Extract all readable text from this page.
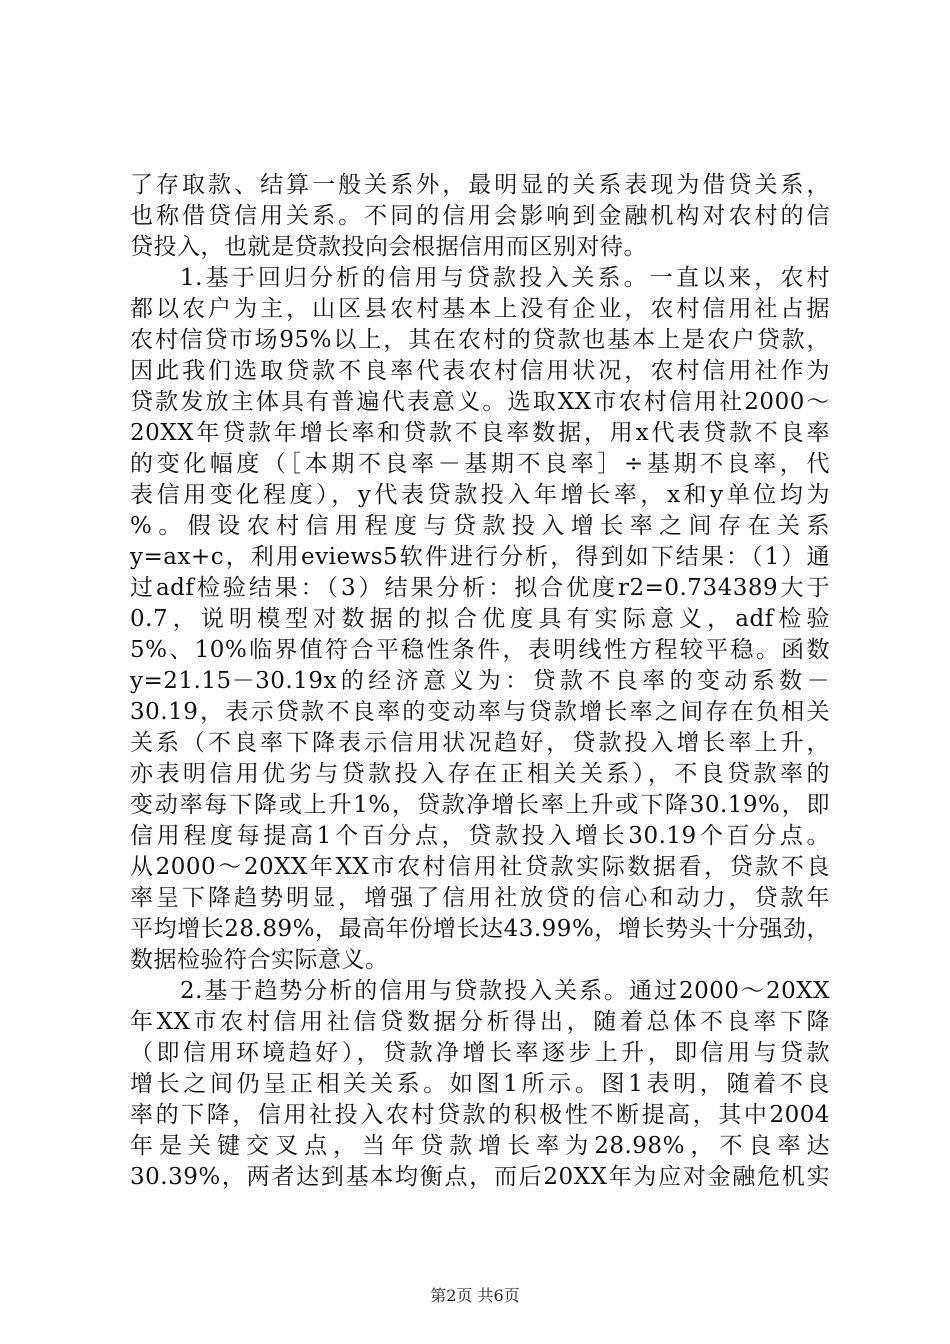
了存取款、结算一般关系外，最明显的关系表现为借贷关系，
也称借贷信用关系。不同的信用会影响到金融机构对农村的信
贷投入，也就是贷款投向会根据信用而区别对待。
1.基于回归分析的信用与贷款投入关系。一直以来，农村
都以农户为主，山区县农村基本上没有企业，农村信用社占据
农村信贷市场95%以上，其在农村的贷款也基本上是农户贷款，
因此我们选取贷款不良率代表农村信用状况，农村信用社作为
贷款发放主体具有普遍代表意义。选取XX市农村信用社2000～
20XX年贷款年增长率和贷款不良率数据，用x代表贷款不良率
的变化幅度（［本期不良率－基期不良率］÷基期不良率，代
表信用变化程度），y代表贷款投入年增长率，x和y单位均为
%。假设农村信用程度与贷款投入增长率之间存在关系
y=ax+c，利用eviews5软件进行分析，得到如下结果：（1）通
过adf检验结果：（3）结果分析：拟合优度r2=0.734389大于
0.7，说明模型对数据的拟合优度具有实际意义，adf检验
5%、10%临界值符合平稳性条件，表明线性方程较平稳。函数
y=21.15－30.19x的经济意义为：贷款不良率的变动系数－
30.19，表示贷款不良率的变动率与贷款增长率之间存在负相关
关系（不良率下降表示信用状况趋好，贷款投入增长率上升，
亦表明信用优劣与贷款投入存在正相关关系），不良贷款率的
变动率每下降或上升1%，贷款净增长率上升或下降30.19%，即
信用程度每提高1个百分点，贷款投入增长30.19个百分点。
从2000～20XX年XX市农村信用社贷款实际数据看，贷款不良
率呈下降趋势明显，增强了信用社放贷的信心和动力，贷款年
平均增长28.89%，最高年份增长达43.99%，增长势头十分强劲，
数据检验符合实际意义。
2.基于趋势分析的信用与贷款投入关系。通过2000～20XX
年XX市农村信用社信贷数据分析得出，随着总体不良率下降
（即信用环境趋好），贷款净增长率逐步上升，即信用与贷款
增长之间仍呈正相关关系。如图1所示。图1表明，随着不良
率的下降，信用社投入农村贷款的积极性不断提高，其中2004
年是关键交叉点，当年贷款增长率为28.98%，不良率达
30.39%，两者达到基本均衡点，而后20XX年为应对金融危机实
第2页 共6页
